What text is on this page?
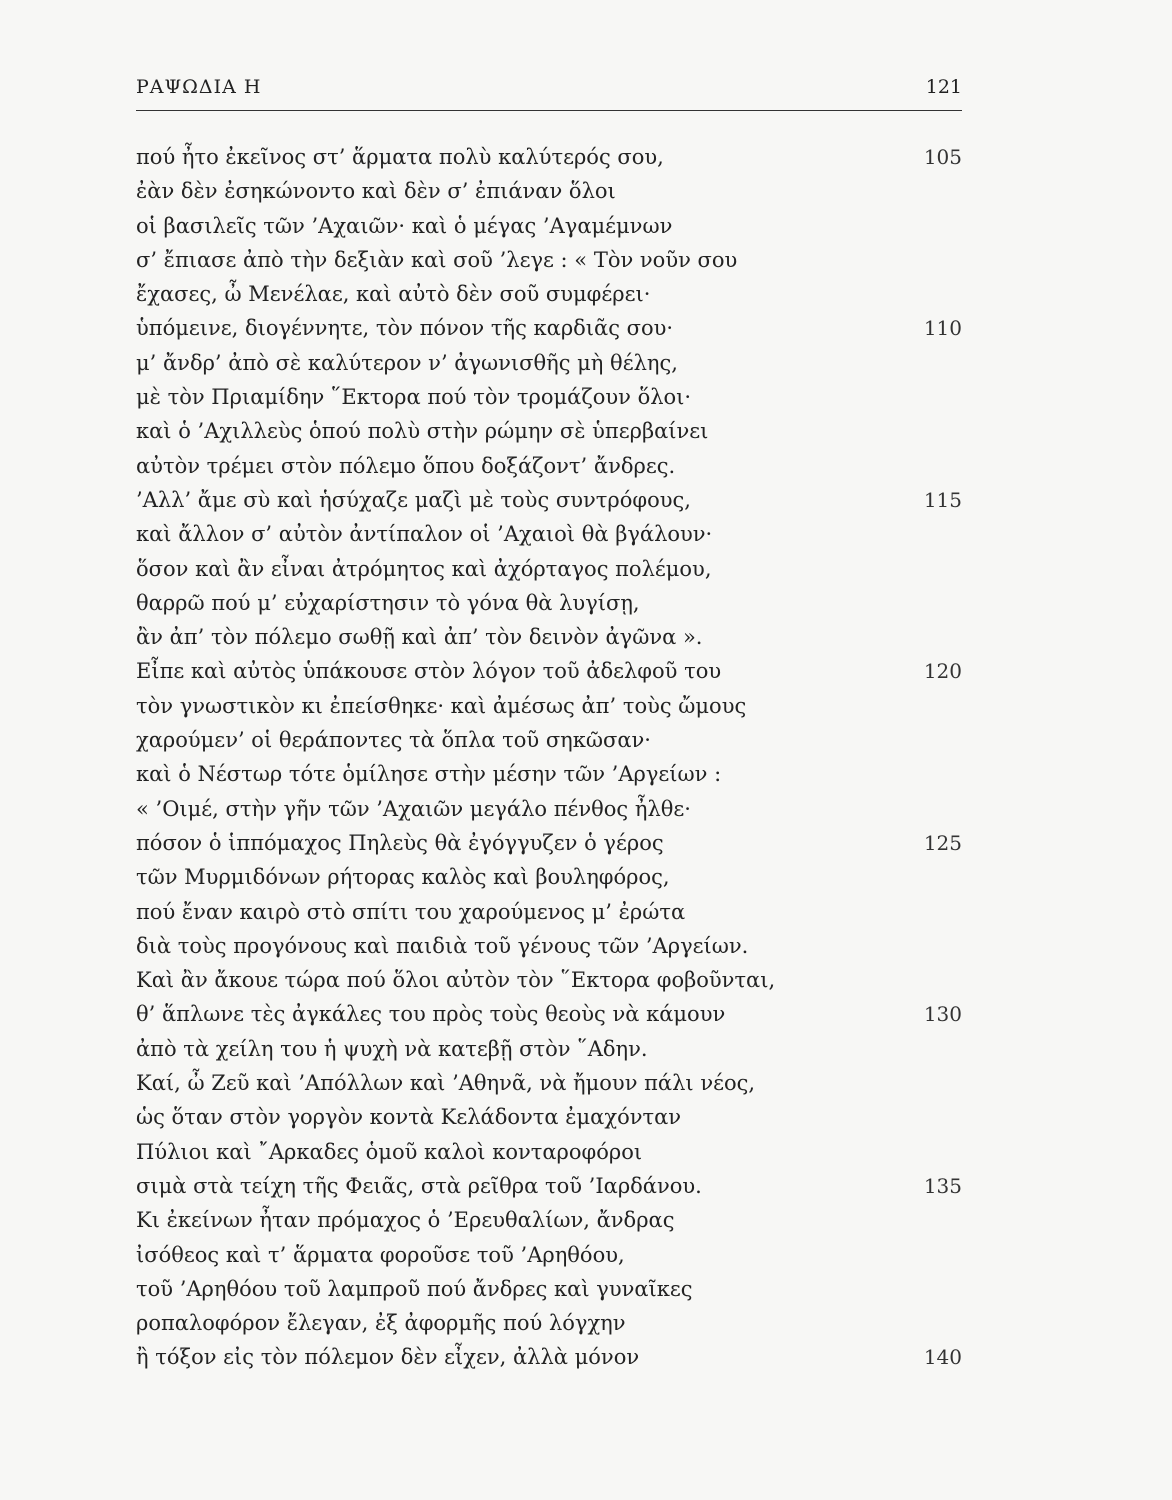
ΡΑΨΩΔΙΑ Η	121
πού ἦτο ἐκεῖνος στ’ ἅρματα πολὺ καλύτερός σου,	105
ἐὰν δὲν ἐσηκώνοντο καὶ δὲν σ’ ἐπιάναν ὅλοι
οἱ βασιλεῖς τῶν ’Αχαιῶν· καὶ ὁ μέγας ’Αγαμέμνων
σ’ ἔπιασε ἀπὸ τὴν δεξιὰν καὶ σοῦ ’λεγε : « Τὸν νοῦν σου
ἔχασες, ὦ Μενέλαε, καὶ αὐτὸ δὲν σοῦ συμφέρει·
ὑπόμεινε, διογέννητε, τὸν πόνον τῆς καρδιᾶς σου·	110
μ’ ἄνδρ’ ἀπὸ σὲ καλύτερον ν’ ἀγωνισθῆς μὴ θέλης,
μὲ τὸν Πριαμίδην ῞Εκτορα πού τὸν τρομάζουν ὅλοι·
καὶ ὁ ’Αχιλλεὺς ὁπού πολὺ στὴν ρώμην σὲ ὑπερβαίνει
αὐτὸν τρέμει στὸν πόλεμο ὅπου δοξάζοντ’ ἄνδρες.
’Αλλ’ ἄμε σὺ καὶ ἡσύχαζε μαζὶ μὲ τοὺς συντρόφους,	115
καὶ ἄλλον σ’ αὐτὸν ἀντίπαλον οἱ ’Αχαιοὶ θὰ βγάλουν·
ὅσον καὶ ἂν εἶναι ἀτρόμητος καὶ ἀχόρταγος πολέμου,
θαρρῶ πού μ’ εὐχαρίστησιν τὸ γόνα θὰ λυγίσῃ,
ἂν ἀπ’ τὸν πόλεμο σωθῇ καὶ ἀπ’ τὸν δεινὸν ἀγῶνα ».
Εἶπε καὶ αὐτὸς ὑπάκουσε στὸν λόγον τοῦ ἀδελφοῦ του	120
τὸν γνωστικὸν κι ἐπείσθηκε· καὶ ἀμέσως ἀπ’ τοὺς ὤμους
χαρούμεν’ οἱ θεράποντες τὰ ὅπλα τοῦ σηκῶσαν·
καὶ ὁ Νέστωρ τότε ὁμίλησε στὴν μέσην τῶν ’Αργείων :
« ’Οιμέ, στὴν γῆν τῶν ’Αχαιῶν μεγάλο πένθος ἦλθε·
πόσον ὁ ἱππόμαχος Πηλεὺς θὰ ἐγόγγυζεν ὁ γέρος	125
τῶν Μυρμιδόνων ρήτορας καλὸς καὶ βουληφόρος,
πού ἔναν καιρὸ στὸ σπίτι του χαρούμενος μ’ ἐρώτα
διὰ τοὺς προγόνους καὶ παιδιὰ τοῦ γένους τῶν ’Αργείων.
Καὶ ἂν ἄκουε τώρα πού ὅλοι αὐτὸν τὸν ῞Εκτορα φοβοῦνται,
θ’ ἅπλωνε τὲς ἀγκάλες του πρὸς τοὺς θεοὺς νὰ κάμουν	130
ἀπὸ τὰ χείλη του ἡ ψυχὴ νὰ κατεβῇ στὸν ῞Αδην.
Καί, ὦ Ζεῦ καὶ ’Απόλλων καὶ ’Αθηνᾶ, νὰ ἤμουν πάλι νέος,
ὡς ὅταν στὸν γοργὸν κοντὰ Κελάδοντα ἐμαχόνταν
Πύλιοι καὶ ῎Αρκαδες ὁμοῦ καλοὶ κονταροφόροι
σιμὰ στὰ τείχη τῆς Φειᾶς, στὰ ρεῖθρα τοῦ ’Ιαρδάνου.	135
Κι ἐκείνων ἦταν πρόμαχος ὁ ’Ερευθαλίων, ἄνδρας
ἰσόθεος καὶ τ’ ἅρματα φοροῦσε τοῦ ’Αρηθόου,
τοῦ ’Αρηθόου τοῦ λαμπροῦ πού ἄνδρες καὶ γυναῖκες
ροπαλοφόρον ἔλεγαν, ἐξ ἀφορμῆς πού λόγχην
ἢ τόξον εἰς τὸν πόλεμον δὲν εἶχεν, ἀλλὰ μόνον	140
